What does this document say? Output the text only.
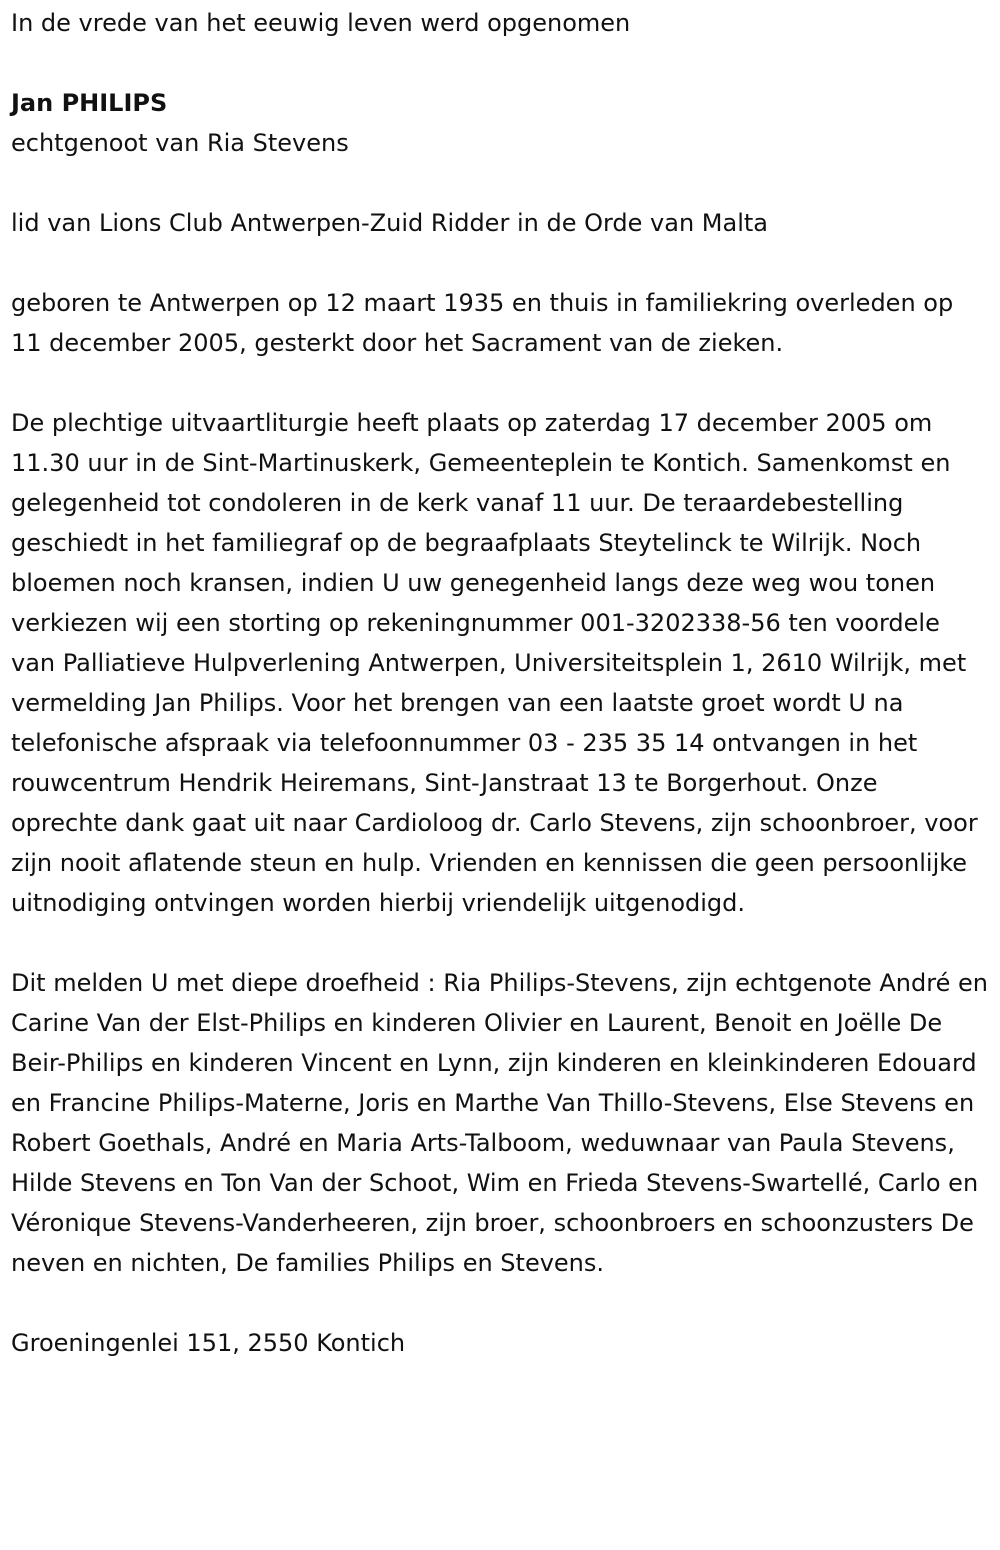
In de vrede van het eeuwig leven werd opgenomen

Jan PHILIPS

echtgenoot van Ria Stevens

lid van Lions Club Antwerpen-Zuid Ridder in de Orde van Malta

geboren te Antwerpen op 12 maart 1935 en thuis in familiekring overleden op 11 december 2005, gesterkt door het Sacrament van de zieken.

De plechtige uitvaartliturgie heeft plaats op zaterdag 17 december 2005 om 11.30 uur in de Sint-Martinuskerk, Gemeenteplein te Kontich. Samenkomst en gelegenheid tot condoleren in de kerk vanaf 11 uur. De teraardebestelling geschiedt in het familiegraf op de begraafplaats Steytelinck te Wilrijk. Noch bloemen noch kransen, indien U uw genegenheid langs deze weg wou tonen verkiezen wij een storting op rekeningnummer 001-3202338-56 ten voordele van Palliatieve Hulpverlening Antwerpen, Universiteitsplein 1, 2610 Wilrijk, met vermelding Jan Philips. Voor het brengen van een laatste groet wordt U na telefonische afspraak via telefoonnummer 03 - 235 35 14 ontvangen in het rouwcentrum Hendrik Heiremans, Sint-Janstraat 13 te Borgerhout. Onze oprechte dank gaat uit naar Cardioloog dr. Carlo Stevens, zijn schoonbroer, voor zijn nooit aflatende steun en hulp. Vrienden en kennissen die geen persoonlijke uitnodiging ontvingen worden hierbij vriendelijk uitgenodigd.

Dit melden U met diepe droefheid : Ria Philips-Stevens, zijn echtgenote André en Carine Van der Elst-Philips en kinderen Olivier en Laurent, Benoit en Joëlle De Beir-Philips en kinderen Vincent en Lynn, zijn kinderen en kleinkinderen Edouard en Francine Philips-Materne, Joris en Marthe Van Thillo-Stevens, Else Stevens en Robert Goethals, André en Maria Arts-Talboom, weduwnaar van Paula Stevens, Hilde Stevens en Ton Van der Schoot, Wim en Frieda Stevens-Swartellé, Carlo en Véronique Stevens-Vanderheeren, zijn broer, schoonbroers en schoonzusters De neven en nichten, De families Philips en Stevens.

Groeningenlei 151, 2550 Kontich
